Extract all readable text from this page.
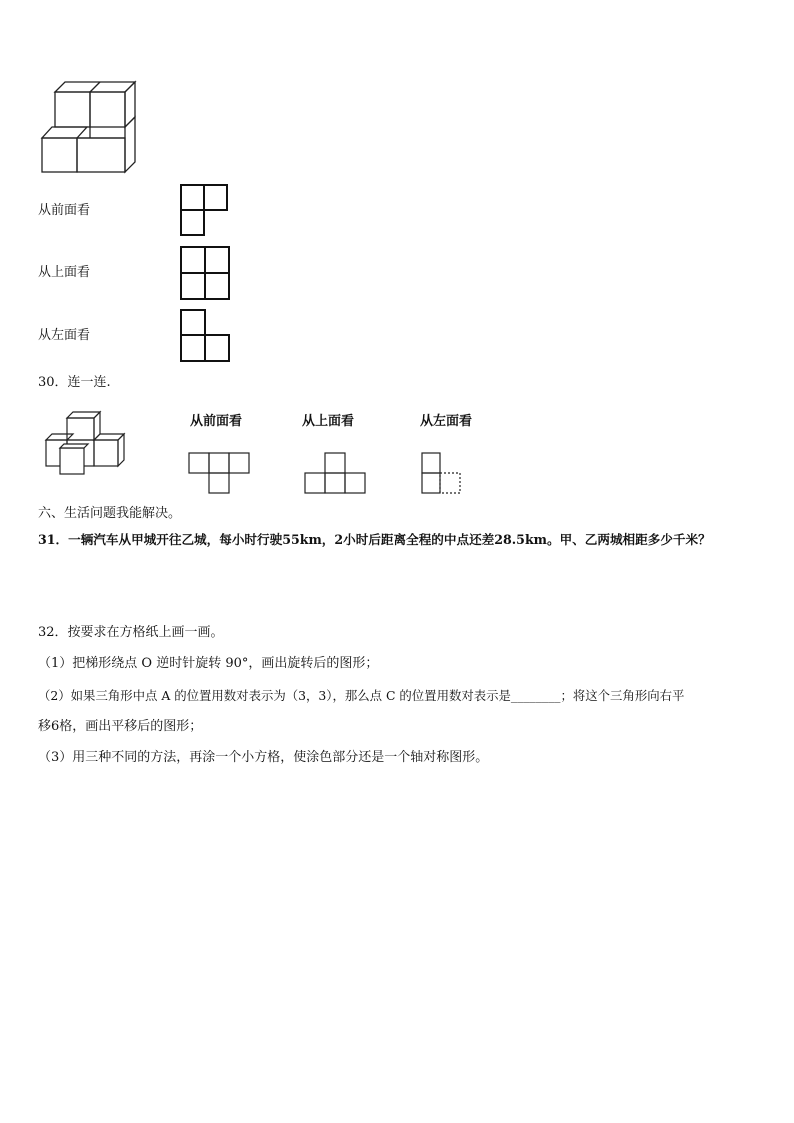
从前面看
从上面看
从左面看
30．连一连.
从前面看	从上面看	从左面看
六、生活问题我能解决。
31．一辆汽车从甲城开往乙城，每小时行驶55km，2小时后距离全程的中点还差28.5km。甲、乙两城相距多少千米？
32．按要求在方格纸上画一画。
（1）把梯形绕点 O 逆时针旋转 90°，画出旋转后的图形；
（2）如果三角形中点 A 的位置用数对表示为（3，3），那么点 C 的位置用数对表示是________；将这个三角形向右平
移6格，画出平移后的图形；
（3）用三种不同的方法，再涂一个小方格，使涂色部分还是一个轴对称图形。
